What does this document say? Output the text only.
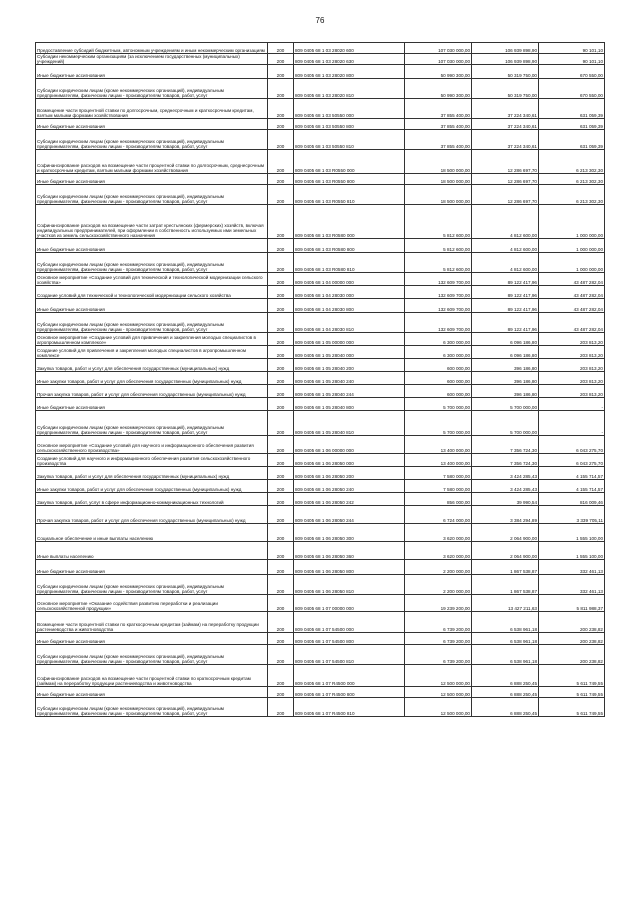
76
Предоставление субсидий бюджетным, автономным учреждениям и иным некоммерческим организациям	200	809 0405 68 1 03 28020 600	107 030 000,00	106 939 898,90	90 101,10
Субсидии некоммерческим организациям (за исключением государственных (муниципальных) учреждений)	200	809 0405 68 1 03 28020 630	107 030 000,00	106 939 898,90	90 101,10
Иные бюджетные ассигнования	200	809 0405 68 1 03 28020 800	50 990 300,00	50 319 750,00	670 550,00
Субсидии юридическим лицам (кроме некоммерческих организаций), индивидуальным предпринимателям, физическим лицам - производителям товаров, работ, услуг	200	809 0405 68 1 03 28020 810	50 990 300,00	50 319 750,00	670 550,00
Возмещение части процентной ставки по долгосрочным, среднесрочным и краткосрочным кредитам, взятым малыми формами хозяйствования	200	809 0405 68 1 03 50550 000	37 855 400,00	37 224 340,61	631 059,39
Иные бюджетные ассигнования	200	809 0405 68 1 03 50550 800	37 855 400,00	37 224 340,61	631 059,39
Субсидии юридическим лицам (кроме некоммерческих организаций), индивидуальным предпринимателям, физическим лицам - производителям товаров, работ, услуг	200	809 0405 68 1 03 50550 810	37 855 400,00	37 224 340,61	631 059,39
Софинансирование расходов на возмещение части процентной ставки по долгосрочным, среднесрочным и краткосрочным кредитам, взятым малыми формами хозяйствования	200	809 0405 68 1 03 R0550 000	18 500 000,00	12 286 697,70	6 213 302,30
Иные бюджетные ассигнования	200	809 0405 68 1 03 R0550 800	18 500 000,00	12 286 697,70	6 213 302,30
Субсидии юридическим лицам (кроме некоммерческих организаций), индивидуальным предпринимателям, физическим лицам - производителям товаров, работ, услуг	200	809 0405 68 1 03 R0550 810	18 500 000,00	12 286 697,70	6 213 302,30
Софинансирование расходов на возмещение части затрат крестьянских (фермерских) хозяйств, включая индивидуальных предпринимателей, при оформлении в собственность используемых ими земельных участков из земель сельскохозяйственного назначения	200	809 0405 68 1 03 R0580 000	5 812 600,00	4 812 600,00	1 000 000,00
Иные бюджетные ассигнования	200	809 0405 68 1 03 R0580 800	5 812 600,00	4 812 600,00	1 000 000,00
Субсидии юридическим лицам (кроме некоммерческих организаций), индивидуальным предпринимателям, физическим лицам - производителям товаров, работ, услуг	200	809 0405 68 1 03 R0580 810	5 812 600,00	4 812 600,00	1 000 000,00
Основное мероприятие «Создание условий для технической и технологической модернизации сельского хозяйства»	200	809 0405 68 1 04 00000 000	132 609 700,00	89 122 417,96	43 487 282,04
Создание условий для технической и технологической модернизации сельского хозяйства	200	809 0405 68 1 04 28030 000	132 609 700,00	89 122 417,96	43 487 282,04
Иные бюджетные ассигнования	200	809 0405 68 1 04 28030 800	132 609 700,00	89 122 417,96	43 487 282,04
Субсидии юридическим лицам (кроме некоммерческих организаций), индивидуальным предпринимателям, физическим лицам - производителям товаров, работ, услуг	200	809 0405 68 1 04 28030 810	132 609 700,00	89 122 417,96	43 487 282,04
Основное мероприятие «Создание условий для привлечения и закрепления молодых специалистов в агропромышленном комплексе»	200	809 0405 68 1 05 00000 000	6 300 000,00	6 096 186,80	203 813,20
Создание условий для привлечения и закрепления молодых специалистов в агропромышленном комплексе	200	809 0405 68 1 05 28040 000	6 300 000,00	6 096 186,80	203 813,20
Закупка товаров, работ и услуг для обеспечения государственных (муниципальных) нужд	200	809 0405 68 1 05 28040 200	600 000,00	396 186,80	203 813,20
Иные закупки товаров, работ и услуг для обеспечения государственных (муниципальных) нужд	200	809 0405 68 1 05 28040 240	600 000,00	396 186,80	203 813,20
Прочая закупка товаров, работ и услуг для обеспечения государственных (муниципальных) нужд	200	809 0405 68 1 05 28040 244	600 000,00	396 186,80	203 813,20
Иные бюджетные ассигнования	200	809 0405 68 1 05 28040 800	5 700 000,00	5 700 000,00	-
Субсидии юридическим лицам (кроме некоммерческих организаций), индивидуальным предпринимателям, физическим лицам - производителям товаров, работ, услуг	200	809 0405 68 1 05 28040 810	5 700 000,00	5 700 000,00	-
Основное мероприятие «Создание условий для научного и информационного обеспечения развития сельскохозяйственного производства»	200	809 0405 68 1 06 00000 000	13 400 000,00	7 356 724,30	6 043 275,70
Создание условий для научного и информационного обеспечения развития сельскохозяйственного производства	200	809 0405 68 1 06 28050 000	13 400 000,00	7 356 724,30	6 043 275,70
Закупка товаров, работ и услуг для обеспечения государственных (муниципальных) нужд	200	809 0405 68 1 06 28050 200	7 580 000,00	3 424 285,43	4 155 714,57
Иные закупки товаров, работ и услуг для обеспечения государственных (муниципальных) нужд	200	809 0405 68 1 06 28050 240	7 580 000,00	3 424 285,43	4 155 714,57
Закупка товаров, работ, услуг в сфере информационно-коммуникационных технологий	200	809 0405 68 1 06 28050 242	856 000,00	39 990,54	816 009,46
Прочая закупка товаров, работ и услуг для обеспечения государственных (муниципальных) нужд	200	809 0405 68 1 06 28050 244	6 724 000,00	3 384 294,89	3 339 705,11
Социальное обеспечение и иные выплаты населению	200	809 0405 68 1 06 28050 300	3 620 000,00	2 064 900,00	1 555 100,00
Иные выплаты населению	200	809 0405 68 1 06 28050 360	3 620 000,00	2 064 900,00	1 555 100,00
Иные бюджетные ассигнования	200	809 0405 68 1 06 28050 800	2 200 000,00	1 867 538,87	332 461,13
Субсидии юридическим лицам (кроме некоммерческих организаций), индивидуальным предпринимателям, физическим лицам - производителям товаров, работ, услуг	200	809 0405 68 1 06 28050 810	2 200 000,00	1 867 538,87	332 461,13
Основное мероприятие «Оказание содействия развитию переработки и реализации сельскохозяйственной продукции»	200	809 0405 68 1 07 00000 000	19 239 200,00	13 427 211,63	5 811 988,37
Возмещение части процентной ставки по краткосрочным кредитам (займам) на переработку продукции растениеводства и животноводства	200	809 0405 68 1 07 54500 000	6 739 200,00	6 538 961,18	200 238,82
Иные бюджетные ассигнования	200	809 0405 68 1 07 54500 800	6 739 200,00	6 538 961,18	200 238,82
Субсидии юридическим лицам (кроме некоммерческих организаций), индивидуальным предпринимателям, физическим лицам - производителям товаров, работ, услуг	200	809 0405 68 1 07 54500 810	6 739 200,00	6 538 961,18	200 238,82
Софинансирование расходов на возмещение части процентной ставки по краткосрочным кредитам (займам) на переработку продукции растениеводства и животноводства	200	809 0405 68 1 07 R4500 000	12 500 000,00	6 888 250,45	5 611 749,55
Иные бюджетные ассигнования	200	809 0405 68 1 07 R4500 800	12 500 000,00	6 888 250,45	5 611 749,55
Субсидии юридическим лицам (кроме некоммерческих организаций), индивидуальным предпринимателям, физическим лицам - производителям товаров, работ, услуг	200	809 0405 68 1 07 R4500 810	12 500 000,00	6 888 250,45	5 611 749,55
